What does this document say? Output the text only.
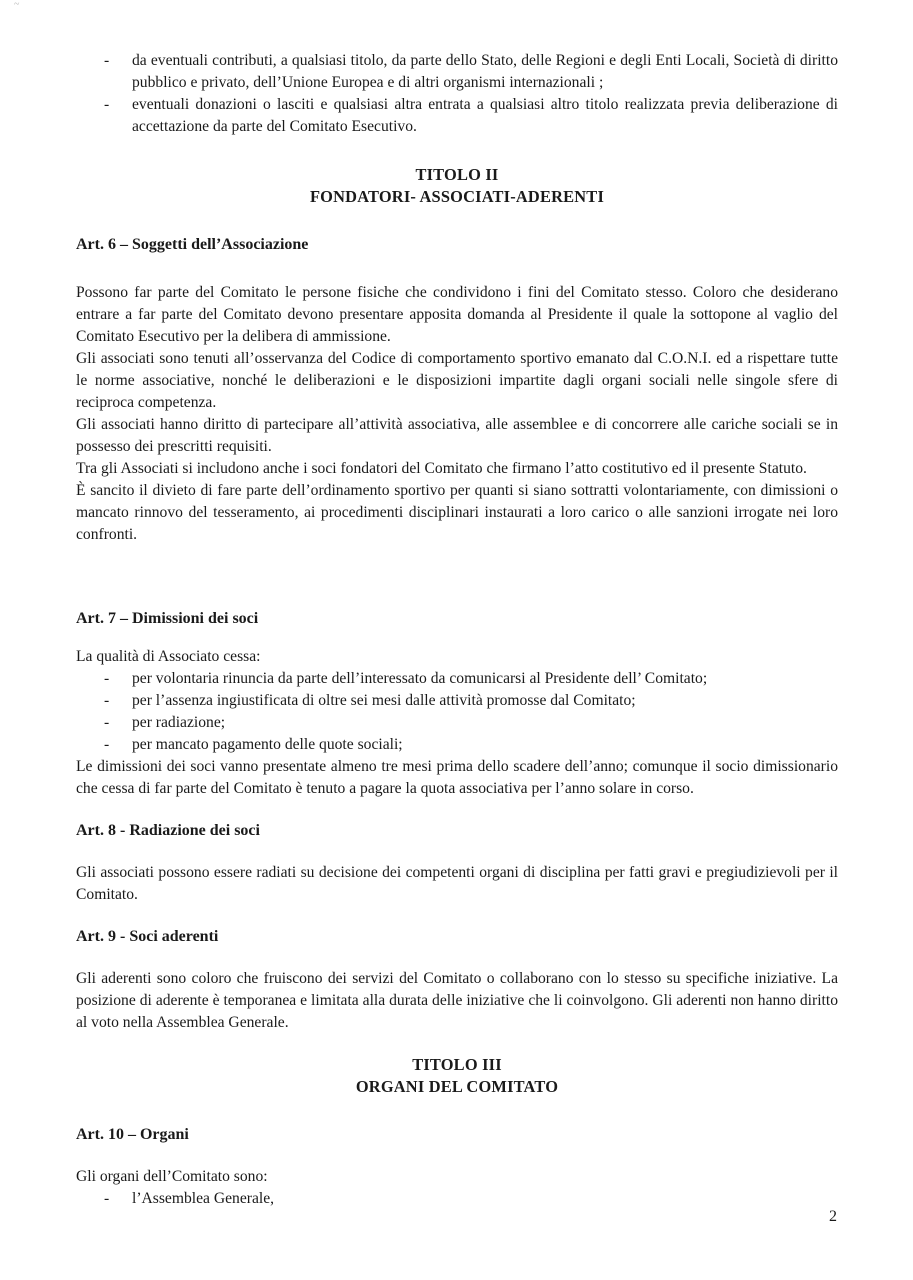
~
- da eventuali contributi, a qualsiasi titolo, da parte dello Stato, delle Regioni e degli Enti Locali, Società di diritto pubblico e privato, dell’Unione Europea e di altri organismi internazionali ;
- eventuali donazioni o lasciti e qualsiasi altra entrata a qualsiasi altro titolo realizzata previa deliberazione di accettazione da parte del Comitato Esecutivo.
TITOLO II
FONDATORI- ASSOCIATI-ADERENTI
Art. 6 – Soggetti dell’Associazione

Possono far parte del Comitato le persone fisiche che condividono i fini del Comitato stesso. Coloro che desiderano entrare a far parte del Comitato devono presentare apposita domanda al Presidente il quale la sottopone al vaglio del Comitato Esecutivo per la delibera di ammissione.

Gli associati sono tenuti all’osservanza del Codice di comportamento sportivo emanato dal C.O.N.I. ed a rispettare tutte le norme associative, nonché le deliberazioni e le disposizioni impartite dagli organi sociali nelle singole sfere di reciproca competenza.

Gli associati hanno diritto di partecipare all’attività associativa, alle assemblee e di concorrere alle cariche sociali se in possesso dei prescritti requisiti.

Tra gli Associati si includono anche i soci fondatori del Comitato che firmano l’atto costitutivo ed il presente Statuto.

È sancito il divieto di fare parte dell’ordinamento sportivo per quanti si siano sottratti volontariamente, con dimissioni o mancato rinnovo del tesseramento, ai procedimenti disciplinari instaurati a loro carico o alle sanzioni irrogate nei loro confronti.

Art. 7 – Dimissioni dei soci

La qualità di Associato cessa:

- per volontaria rinuncia da parte dell’interessato da comunicarsi al Presidente dell’ Comitato;
- per l’assenza ingiustificata di oltre sei mesi dalle attività promosse dal Comitato;
- per radiazione;
- per mancato pagamento delle quote sociali;

Le dimissioni dei soci vanno presentate almeno tre mesi prima dello scadere dell’anno; comunque il socio dimissionario che cessa di far parte del Comitato è tenuto a pagare la quota associativa per l’anno solare in corso.

Art. 8 - Radiazione dei soci

Gli associati possono essere radiati su decisione dei competenti organi di disciplina per fatti gravi e pregiudizievoli per il Comitato.

Art. 9 - Soci aderenti

Gli aderenti sono coloro che fruiscono dei servizi del Comitato o collaborano con lo stesso su specifiche iniziative. La posizione di aderente è temporanea e limitata alla durata delle iniziative che li coinvolgono. Gli aderenti non hanno diritto al voto nella Assemblea Generale.

TITOLO III
ORGANI DEL COMITATO
Art. 10 – Organi

Gli organi dell’Comitato sono:

- l’Assemblea Generale,
2
